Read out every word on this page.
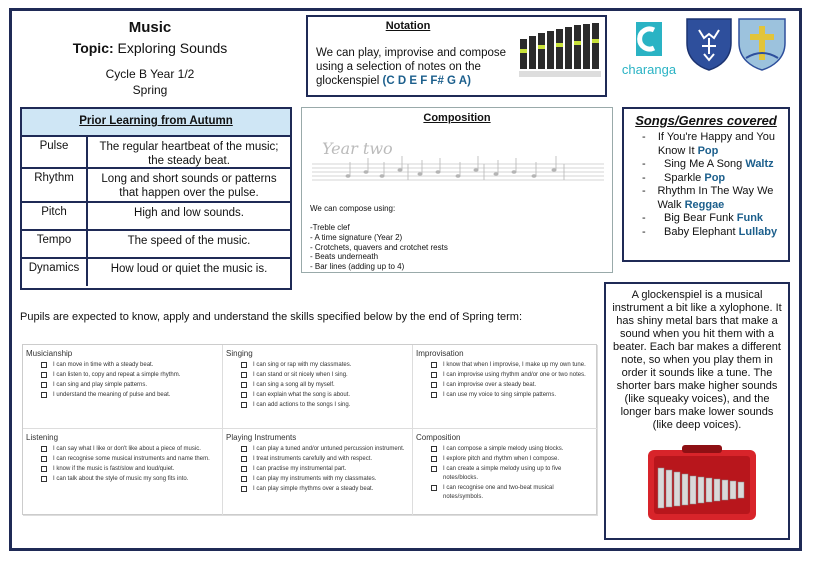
Music
Topic: Exploring Sounds
Cycle B Year 1/2
Spring
Notation
We can play, improvise and compose using a selection of notes on the glockenspiel (C D E F F# G A)
charanga
Prior Learning from Autumn
Pulse	The regular heartbeat of the music; the steady beat.
Rhythm	Long and short sounds or patterns that happen over the pulse.
Pitch	High and low sounds.
Tempo	The speed of the music.
Dynamics	How loud or quiet the music is.
Composition
Year two
We can compose using:
-Treble clef
- A time signature (Year 2)
- Crotchets, quavers and crotchet rests
- Beats underneath
- Bar lines (adding up to 4)
Songs/Genres covered
-	If You're Happy and You Know It Pop
-	Sing Me A Song Waltz
-	Sparkle Pop
-	Rhythm In The Way We Walk Reggae
-	Big Bear Funk Funk
-	Baby Elephant Lullaby
A glockenspiel is a musical instrument a bit like a xylophone. It has shiny metal bars that make a sound when you hit them with a beater. Each bar makes a different note, so when you play them in order it sounds like a tune. The shorter bars make higher sounds (like squeaky voices), and the longer bars make lower sounds (like deep voices).
Pupils are expected to know, apply and understand the skills specified below by the end of Spring term:
Musicianship
I can move in time with a steady beat.
I can listen to, copy and repeat a simple rhythm.
I can sing and play simple patterns.
I understand the meaning of pulse and beat.
Singing
I can sing or rap with my classmates.
I can stand or sit nicely when I sing.
I can sing a song all by myself.
I can explain what the song is about.
I can add actions to the songs I sing.
Improvisation
I know that when I improvise, I make up my own tune.
I can improvise using rhythm and/or one or two notes.
I can improvise over a steady beat.
I can use my voice to sing simple patterns.
Listening
I can say what I like or don't like about a piece of music.
I can recognise some musical instruments and name them.
I know if the music is fast/slow and loud/quiet.
I can talk about the style of music my song fits into.
Playing Instruments
I can play a tuned and/or untuned percussion instrument.
I treat instruments carefully and with respect.
I can practise my instrumental part.
I can play my instruments with my classmates.
I can play simple rhythms over a steady beat.
Composition
I can compose a simple melody using blocks.
I explore pitch and rhythm when I compose.
I can create a simple melody using up to five notes/blocks.
I can recognise one and two-beat musical notes/symbols.
